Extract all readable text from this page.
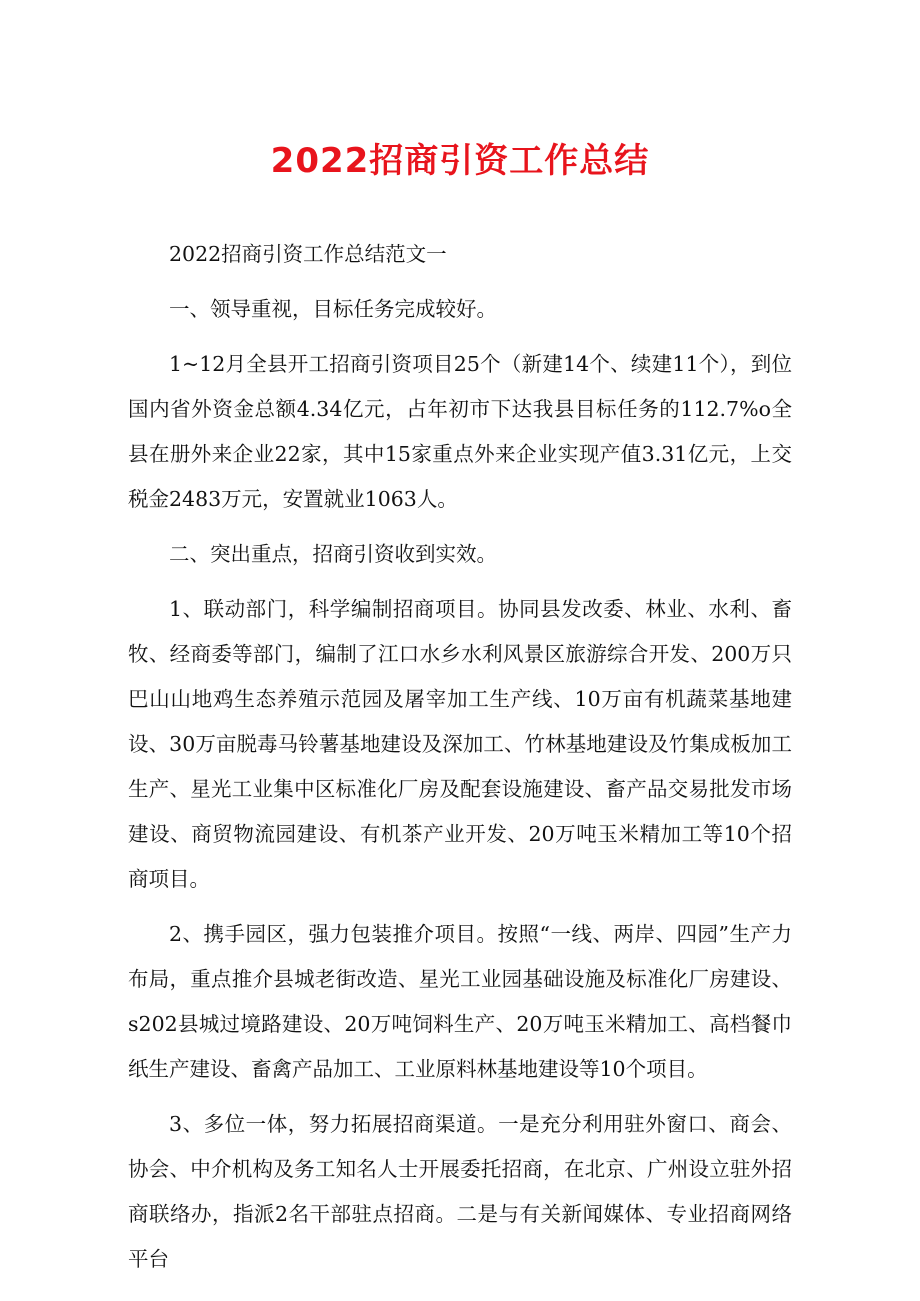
2022招商引资工作总结

2022招商引资工作总结范文一

一、领导重视，目标任务完成较好。

1~12月全县开工招商引资项目25个（新建14个、续建11个），到位国内省外资金总额4.34亿元，占年初市下达我县目标任务的112.7%o全县在册外来企业22家，其中15家重点外来企业实现产值3.31亿元，上交税金2483万元，安置就业1063人。

二、突出重点，招商引资收到实效。

1、联动部门，科学编制招商项目。协同县发改委、林业、水利、畜牧、经商委等部门，编制了江口水乡水利风景区旅游综合开发、200万只巴山山地鸡生态养殖示范园及屠宰加工生产线、10万亩有机蔬菜基地建设、30万亩脱毒马铃薯基地建设及深加工、竹林基地建设及竹集成板加工生产、星光工业集中区标准化厂房及配套设施建设、畜产品交易批发市场建设、商贸物流园建设、有机茶产业开发、20万吨玉米精加工等10个招商项目。

2、携手园区，强力包装推介项目。按照“一线、两岸、四园”生产力布局，重点推介县城老街改造、星光工业园基础设施及标准化厂房建设、s202县城过境路建设、20万吨饲料生产、20万吨玉米精加工、高档餐巾纸生产建设、畜禽产品加工、工业原料林基地建设等10个项目。

3、多位一体，努力拓展招商渠道。一是充分利用驻外窗口、商会、协会、中介机构及务工知名人士开展委托招商，在北京、广州设立驻外招商联络办，指派2名干部驻点招商。二是与有关新闻媒体、专业招商网络平台
